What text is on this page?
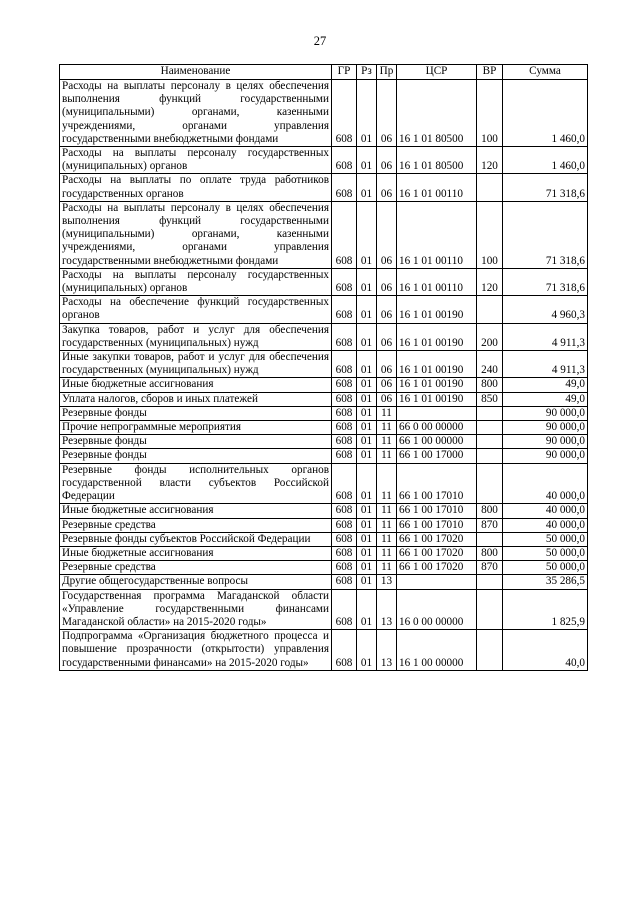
27
Наименование	ГР	Рз	Пр	ЦСР	ВР	Сумма
Расходы на выплаты персоналу в целях обеспечения выполнения функций государственными (муниципальными) органами, казенными учреждениями, органами управления государственными внебюджетными фондами	608	01	06	16 1 01 80500	100	1 460,0
Расходы на выплаты персоналу государственных (муниципальных) органов	608	01	06	16 1 01 80500	120	1 460,0
Расходы на выплаты по оплате труда работников государственных органов	608	01	06	16 1 01 00110		71 318,6
Расходы на выплаты персоналу в целях обеспечения выполнения функций государственными (муниципальными) органами, казенными учреждениями, органами управления государственными внебюджетными фондами	608	01	06	16 1 01 00110	100	71 318,6
Расходы на выплаты персоналу государственных (муниципальных) органов	608	01	06	16 1 01 00110	120	71 318,6
Расходы на обеспечение функций государственных органов	608	01	06	16 1 01 00190		4 960,3
Закупка товаров, работ и услуг для обеспечения государственных (муниципальных) нужд	608	01	06	16 1 01 00190	200	4 911,3
Иные закупки товаров, работ и услуг для обеспечения государственных (муниципальных) нужд	608	01	06	16 1 01 00190	240	4 911,3
Иные бюджетные ассигнования	608	01	06	16 1 01 00190	800	49,0
Уплата налогов, сборов и иных платежей	608	01	06	16 1 01 00190	850	49,0
Резервные фонды	608	01	11			90 000,0
Прочие непрограммные мероприятия	608	01	11	66 0 00 00000		90 000,0
Резервные фонды	608	01	11	66 1 00 00000		90 000,0
Резервные фонды	608	01	11	66 1 00 17000		90 000,0
Резервные фонды исполнительных органов государственной власти субъектов Российской Федерации	608	01	11	66 1 00 17010		40 000,0
Иные бюджетные ассигнования	608	01	11	66 1 00 17010	800	40 000,0
Резервные средства	608	01	11	66 1 00 17010	870	40 000,0
Резервные фонды субъектов Российской Федерации	608	01	11	66 1 00 17020		50 000,0
Иные бюджетные ассигнования	608	01	11	66 1 00 17020	800	50 000,0
Резервные средства	608	01	11	66 1 00 17020	870	50 000,0
Другие общегосударственные вопросы	608	01	13			35 286,5
Государственная программа Магаданской области «Управление государственными финансами Магаданской области» на 2015-2020 годы»	608	01	13	16 0 00 00000		1 825,9
Подпрограмма «Организация бюджетного процесса и повышение прозрачности (открытости) управления государственными финансами» на 2015-2020 годы»	608	01	13	16 1 00 00000		40,0
